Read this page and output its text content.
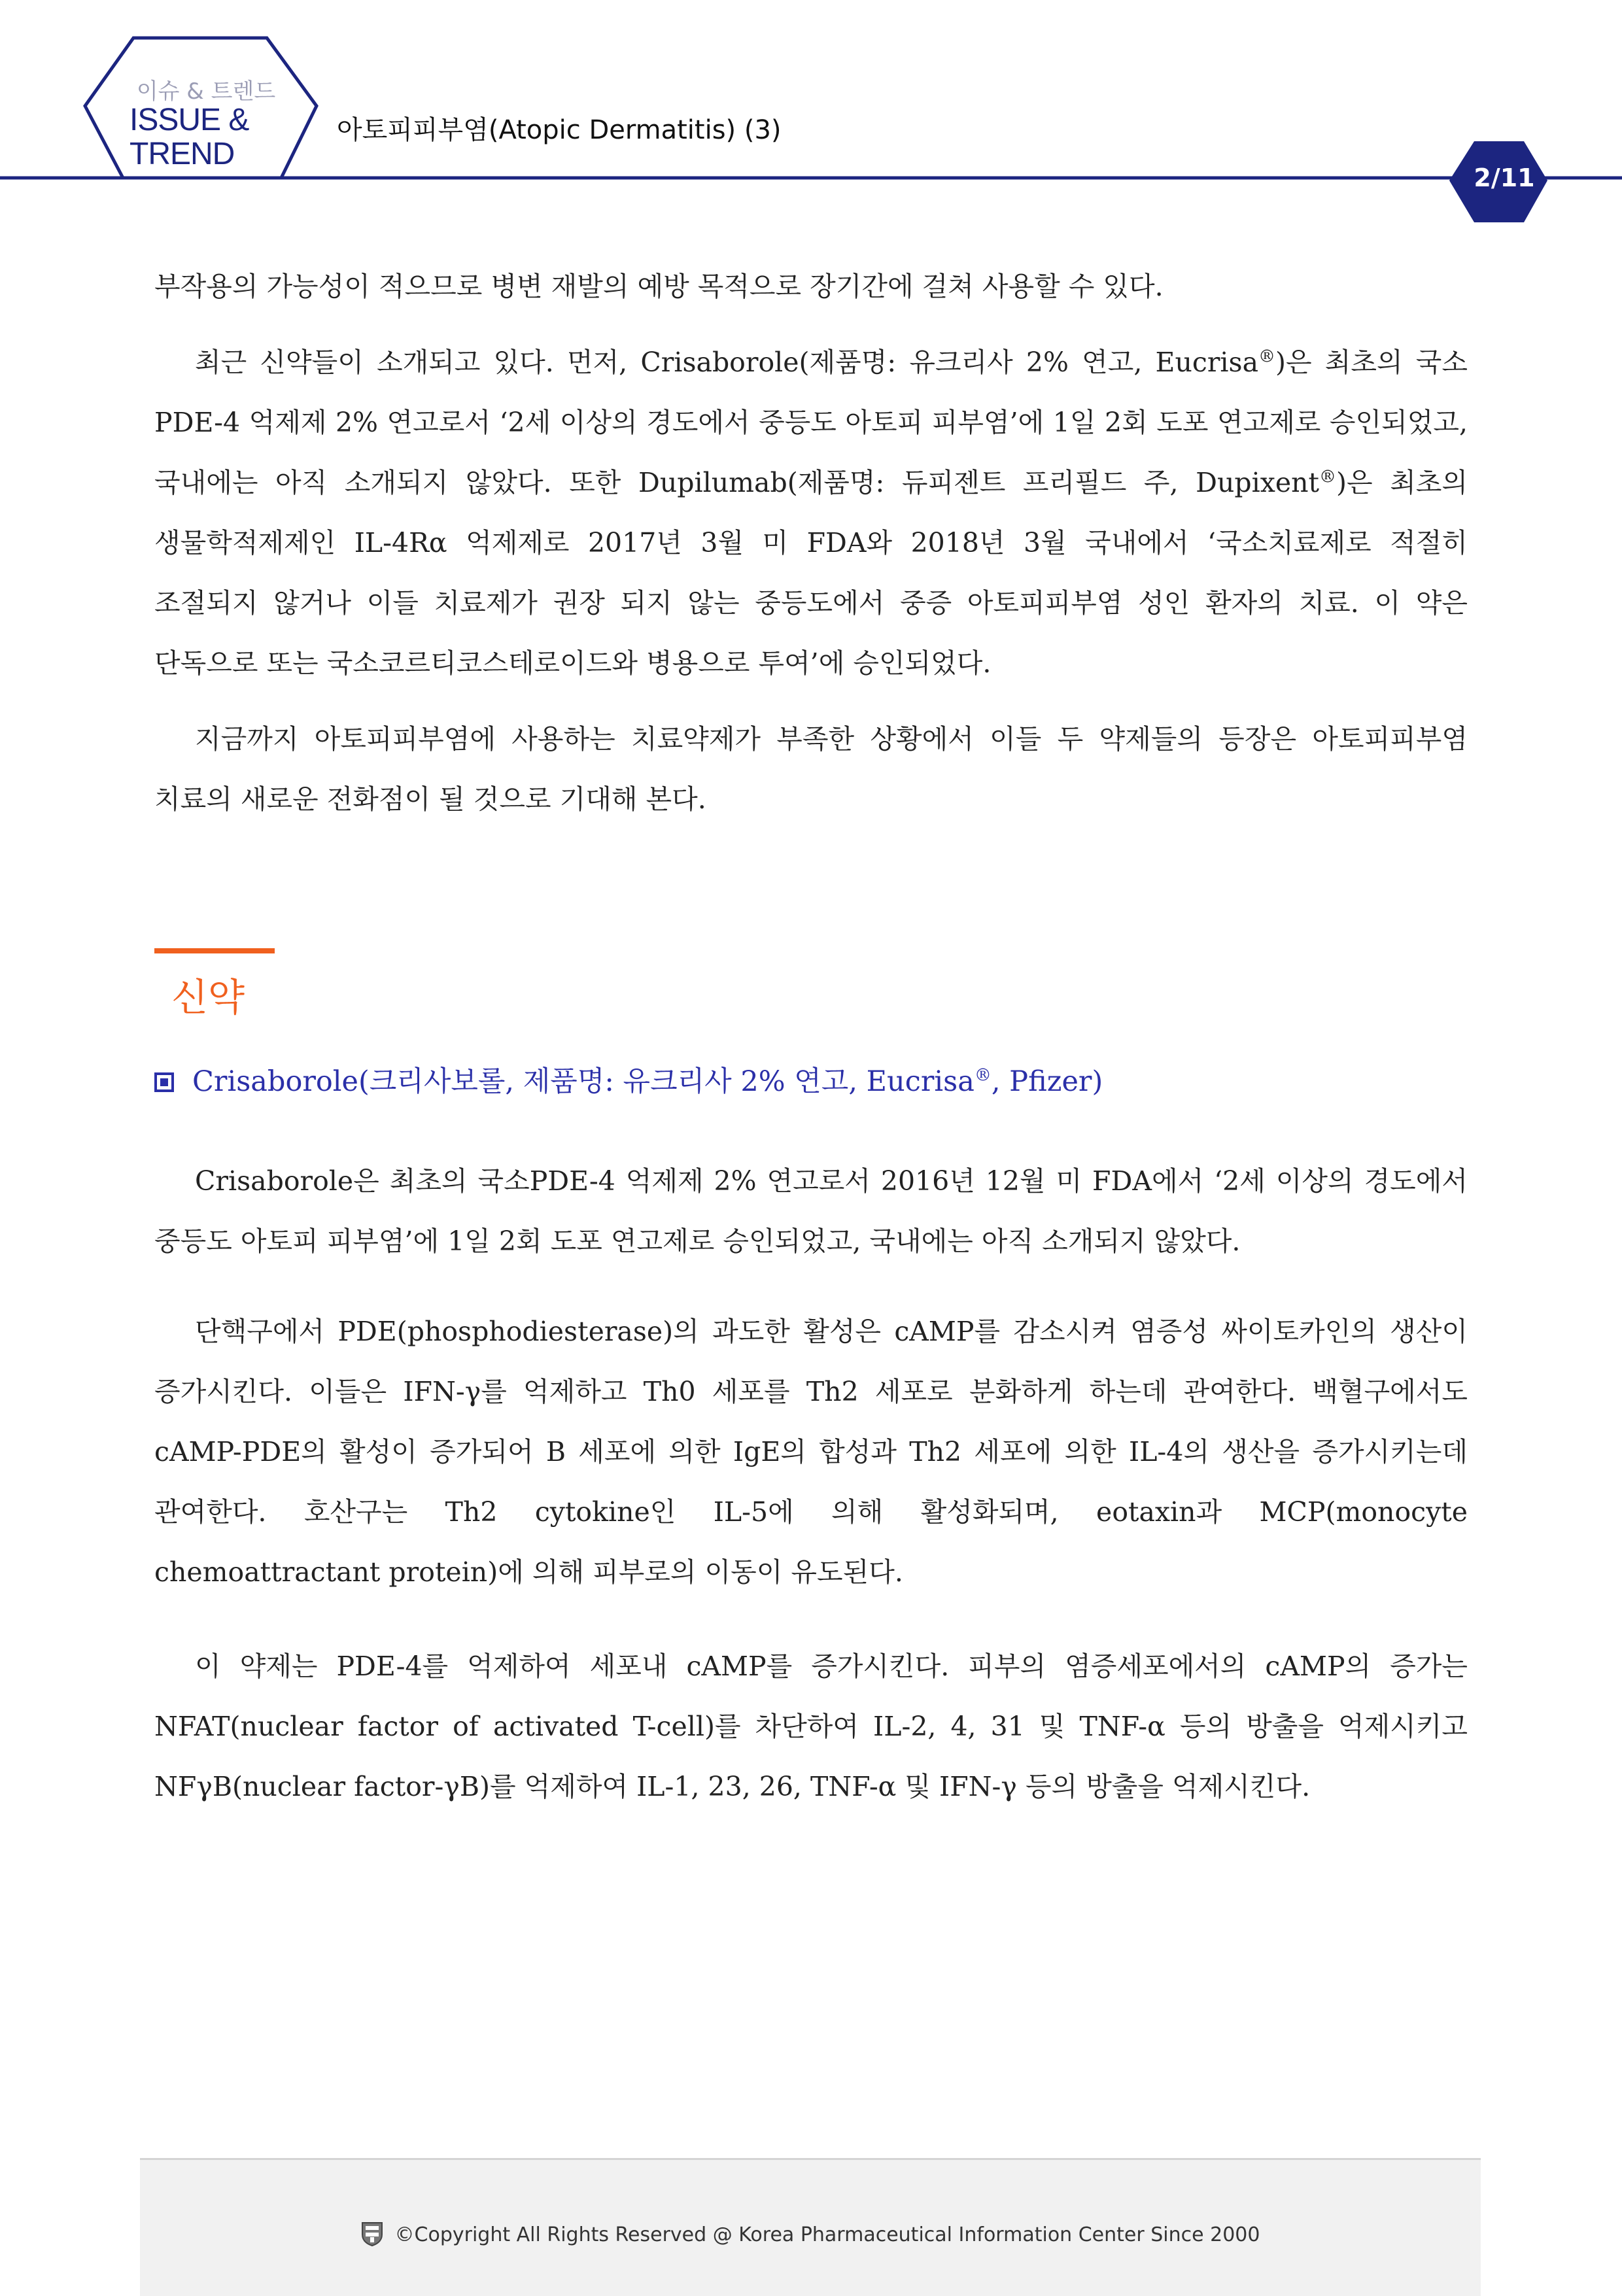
이슈 & 트렌드
ISSUE &
TREND
아토피피부염(Atopic Dermatitis) (3)
2/11

부작용의 가능성이 적으므로 병변 재발의 예방 목적으로 장기간에 걸쳐 사용할 수 있다.

최근 신약들이 소개되고 있다. 먼저, Crisaborole(제품명: 유크리사 2% 연고, Eucrisa®)은 최초의 국소 PDE-4 억제제 2% 연고로서 ‘2세 이상의 경도에서 중등도 아토피 피부염’에 1일 2회 도포 연고제로 승인되었고, 국내에는 아직 소개되지 않았다. 또한 Dupilumab(제품명: 듀피젠트 프리필드 주, Dupixent®)은 최초의 생물학적제제인 IL-4Rα 억제제로 2017년 3월 미 FDA와 2018년 3월 국내에서 ‘국소치료제로 적절히 조절되지 않거나 이들 치료제가 권장 되지 않는 중등도에서 중증 아토피피부염 성인 환자의 치료. 이 약은 단독으로 또는 국소코르티코스테로이드와 병용으로 투여’에 승인되었다.

지금까지 아토피피부염에 사용하는 치료약제가 부족한 상황에서 이들 두 약제들의 등장은 아토피피부염 치료의 새로운 전화점이 될 것으로 기대해 본다.

신약
Crisaborole(크리사보롤, 제품명: 유크리사 2% 연고, Eucrisa®, Pfizer)

Crisaborole은 최초의 국소PDE-4 억제제 2% 연고로서 2016년 12월 미 FDA에서 ‘2세 이상의 경도에서 중등도 아토피 피부염’에 1일 2회 도포 연고제로 승인되었고, 국내에는 아직 소개되지 않았다.

단핵구에서 PDE(phosphodiesterase)의 과도한 활성은 cAMP를 감소시켜 염증성 싸이토카인의 생산이 증가시킨다. 이들은 IFN-γ를 억제하고 Th0 세포를 Th2 세포로 분화하게 하는데 관여한다. 백혈구에서도 cAMP-PDE의 활성이 증가되어 B 세포에 의한 IgE의 합성과 Th2 세포에 의한 IL-4의 생산을 증가시키는데 관여한다. 호산구는 Th2 cytokine인 IL-5에 의해 활성화되며, eotaxin과 MCP(monocyte chemoattractant protein)에 의해 피부로의 이동이 유도된다.

이 약제는 PDE-4를 억제하여 세포내 cAMP를 증가시킨다. 피부의 염증세포에서의 cAMP의 증가는 NFAT(nuclear factor of activated T-cell)를 차단하여 IL-2, 4, 31 및 TNF-α 등의 방출을 억제시키고 NFγB(nuclear factor-γB)를 억제하여 IL-1, 23, 26, TNF-α 및 IFN-γ 등의 방출을 억제시킨다.

©Copyright All Rights Reserved @ Korea Pharmaceutical Information Center Since 2000
